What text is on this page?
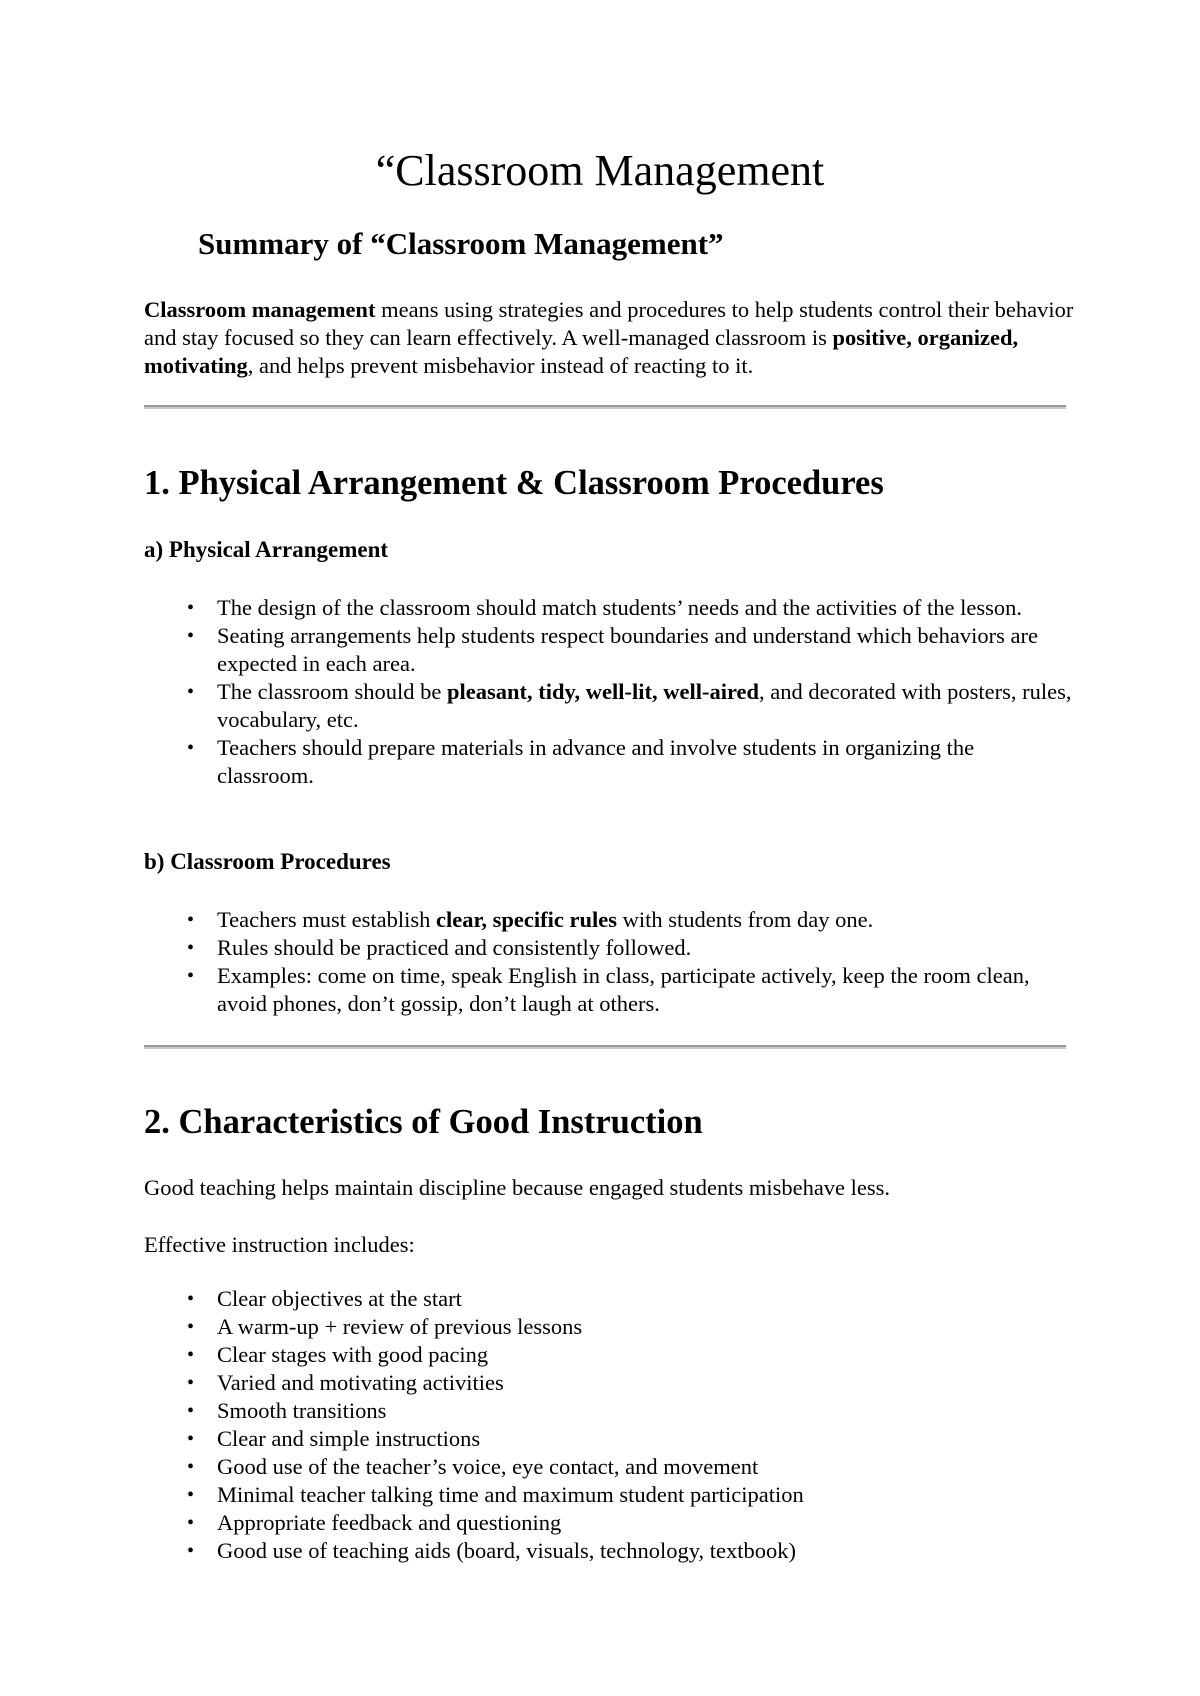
“Classroom Management
Summary of “Classroom Management”

Classroom management means using strategies and procedures to help students control their behavior and stay focused so they can learn effectively. A well-managed classroom is positive, organized, motivating, and helps prevent misbehavior instead of reacting to it.

1. Physical Arrangement & Classroom Procedures
a) Physical Arrangement
• The design of the classroom should match students’ needs and the activities of the lesson.
• Seating arrangements help students respect boundaries and understand which behaviors are expected in each area.
• The classroom should be pleasant, tidy, well-lit, well-aired, and decorated with posters, rules, vocabulary, etc.
• Teachers should prepare materials in advance and involve students in organizing the classroom.
b) Classroom Procedures
• Teachers must establish clear, specific rules with students from day one.
• Rules should be practiced and consistently followed.
• Examples: come on time, speak English in class, participate actively, keep the room clean, avoid phones, don’t gossip, don’t laugh at others.
2. Characteristics of Good Instruction

Good teaching helps maintain discipline because engaged students misbehave less.

Effective instruction includes:

• Clear objectives at the start
• A warm-up + review of previous lessons
• Clear stages with good pacing
• Varied and motivating activities
• Smooth transitions
• Clear and simple instructions
• Good use of the teacher’s voice, eye contact, and movement
• Minimal teacher talking time and maximum student participation
• Appropriate feedback and questioning
• Good use of teaching aids (board, visuals, technology, textbook)
